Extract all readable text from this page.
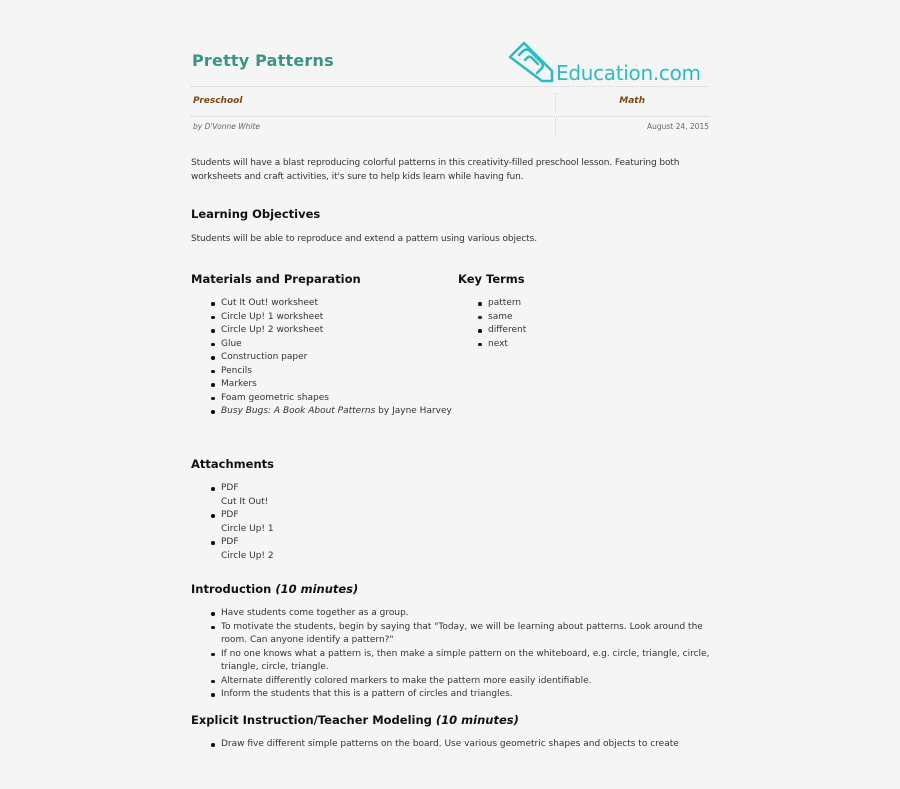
Pretty Patterns
Education.com
Preschool	Math
by D'Vonne White	August 24, 2015
Students will have a blast reproducing colorful patterns in this creativity-filled preschool lesson. Featuring both worksheets and craft activities, it's sure to help kids learn while having fun.
Learning Objectives
Students will be able to reproduce and extend a pattern using various objects.
Materials and Preparation
Cut It Out! worksheet
Circle Up! 1 worksheet
Circle Up! 2 worksheet
Glue
Construction paper
Pencils
Markers
Foam geometric shapes
Busy Bugs: A Book About Patterns by Jayne Harvey
Key Terms
pattern
same
different
next
Attachments
PDF
Cut It Out!
PDF
Circle Up! 1
PDF
Circle Up! 2
Introduction (10 minutes)
Have students come together as a group.
To motivate the students, begin by saying that "Today, we will be learning about patterns. Look around the room. Can anyone identify a pattern?"
If no one knows what a pattern is, then make a simple pattern on the whiteboard, e.g. circle, triangle, circle, triangle, circle, triangle.
Alternate differently colored markers to make the pattern more easily identifiable.
Inform the students that this is a pattern of circles and triangles.
Explicit Instruction/Teacher Modeling (10 minutes)
Draw five different simple patterns on the board. Use various geometric shapes and objects to create
